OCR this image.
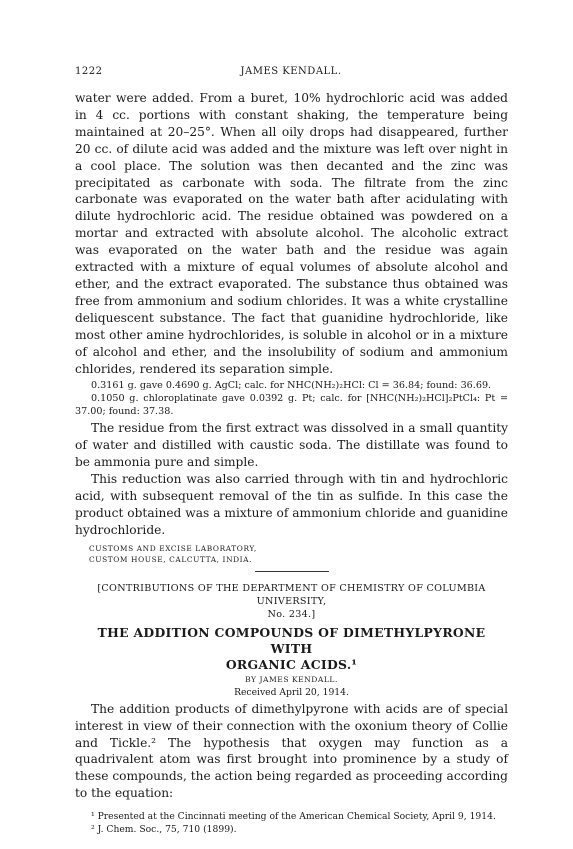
1222	JAMES KENDALL.

water were added. From a buret, 10% hydrochloric acid was added in 4 cc. portions with constant shaking, the temperature being maintained at 20–25°. When all oily drops had disappeared, further 20 cc. of dilute acid was added and the mixture was left over night in a cool place. The solution was then decanted and the zinc was precipitated as carbonate with soda. The filtrate from the zinc carbonate was evaporated on the water bath after acidulating with dilute hydrochloric acid. The residue obtained was powdered on a mortar and extracted with absolute alcohol. The alcoholic extract was evaporated on the water bath and the residue was again extracted with a mixture of equal volumes of absolute alcohol and ether, and the extract evaporated. The substance thus obtained was free from ammonium and sodium chlorides. It was a white crystalline deliquescent substance. The fact that guanidine hydrochloride, like most other amine hydrochlorides, is soluble in alcohol or in a mixture of alcohol and ether, and the insolubility of sodium and ammonium chlorides, rendered its separation simple.

0.3161 g. gave 0.4690 g. AgCl; calc. for NHC(NH₂)₂HCl: Cl = 36.84; found: 36.69.

0.1050 g. chloroplatinate gave 0.0392 g. Pt; calc. for [NHC(NH₂)₂HCl]₂PtCl₄: Pt = 37.00; found: 37.38.

The residue from the first extract was dissolved in a small quantity of water and distilled with caustic soda. The distillate was found to be ammonia pure and simple.

This reduction was also carried through with tin and hydrochloric acid, with subsequent removal of the tin as sulfide. In this case the product obtained was a mixture of ammonium chloride and guanidine hydrochloride.

CUSTOMS AND EXCISE LABORATORY,
CUSTOM HOUSE, CALCUTTA, INDIA.
[CONTRIBUTIONS OF THE DEPARTMENT OF CHEMISTRY OF COLUMBIA UNIVERSITY,
No. 234.]
THE ADDITION COMPOUNDS OF DIMETHYLPYRONE WITH
ORGANIC ACIDS.¹
BY JAMES KENDALL.
Received April 20, 1914.

The addition products of dimethylpyrone with acids are of special interest in view of their connection with the oxonium theory of Collie and Tickle.² The hypothesis that oxygen may function as a quadrivalent atom was first brought into prominence by a study of these compounds, the action being regarded as proceeding according to the equation:

¹ Presented at the Cincinnati meeting of the American Chemical Society, April 9, 1914.

² J. Chem. Soc., 75, 710 (1899).
